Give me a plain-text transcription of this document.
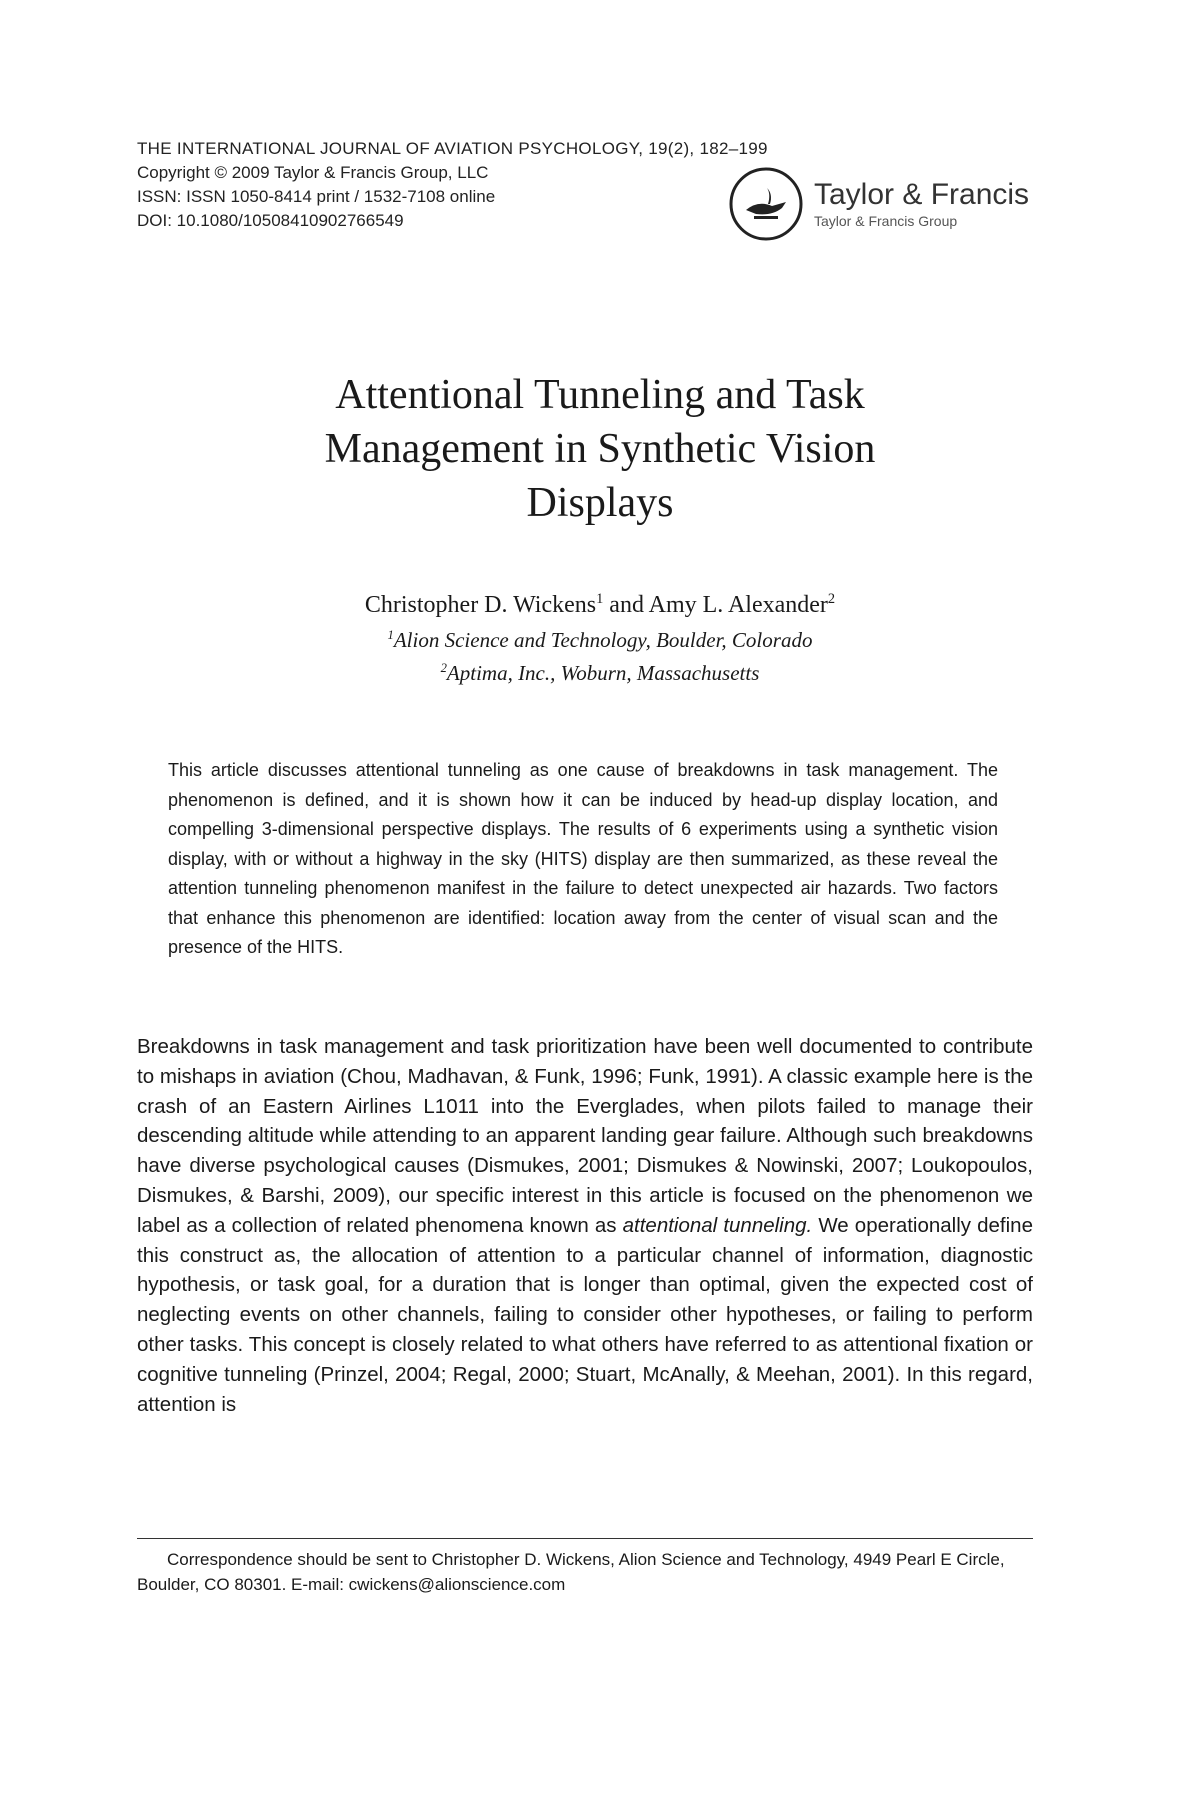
THE INTERNATIONAL JOURNAL OF AVIATION PSYCHOLOGY, 19(2), 182–199
Copyright © 2009 Taylor & Francis Group, LLC
ISSN: ISSN 1050-8414 print / 1532-7108 online
DOI: 10.1080/10508410902766549
Taylor & Francis
Taylor & Francis Group
Attentional Tunneling and Task
Management in Synthetic Vision
Displays
Christopher D. Wickens$^1$ and Amy L. Alexander$^2$
$^1$Alion Science and Technology, Boulder, Colorado
$^2$Aptima, Inc., Woburn, Massachusetts

This article discusses attentional tunneling as one cause of breakdowns in task management. The phenomenon is defined, and it is shown how it can be induced by head-up display location, and compelling 3-dimensional perspective displays. The results of 6 experiments using a synthetic vision display, with or without a highway in the sky (HITS) display are then summarized, as these reveal the attention tunneling phenomenon manifest in the failure to detect unexpected air hazards. Two factors that enhance this phenomenon are identified: location away from the center of visual scan and the presence of the HITS.

Breakdowns in task management and task prioritization have been well documented to contribute to mishaps in aviation (Chou, Madhavan, & Funk, 1996; Funk, 1991). A classic example here is the crash of an Eastern Airlines L1011 into the Everglades, when pilots failed to manage their descending altitude while attending to an apparent landing gear failure. Although such breakdowns have diverse psychological causes (Dismukes, 2001; Dismukes & Nowinski, 2007; Loukopoulos, Dismukes, & Barshi, 2009), our specific interest in this article is focused on the phenomenon we label as a collection of related phenomena known as attentional tunneling. We operationally define this construct as, the allocation of attention to a particular channel of information, diagnostic hypothesis, or task goal, for a duration that is longer than optimal, given the expected cost of neglecting events on other channels, failing to consider other hypotheses, or failing to perform other tasks. This concept is closely related to what others have referred to as attentional fixation or cognitive tunneling (Prinzel, 2004; Regal, 2000; Stuart, McAnally, & Meehan, 2001). In this regard, attention is

Correspondence should be sent to Christopher D. Wickens, Alion Science and Technology, 4949 Pearl E Circle, Boulder, CO 80301. E-mail: cwickens@alionscience.com
